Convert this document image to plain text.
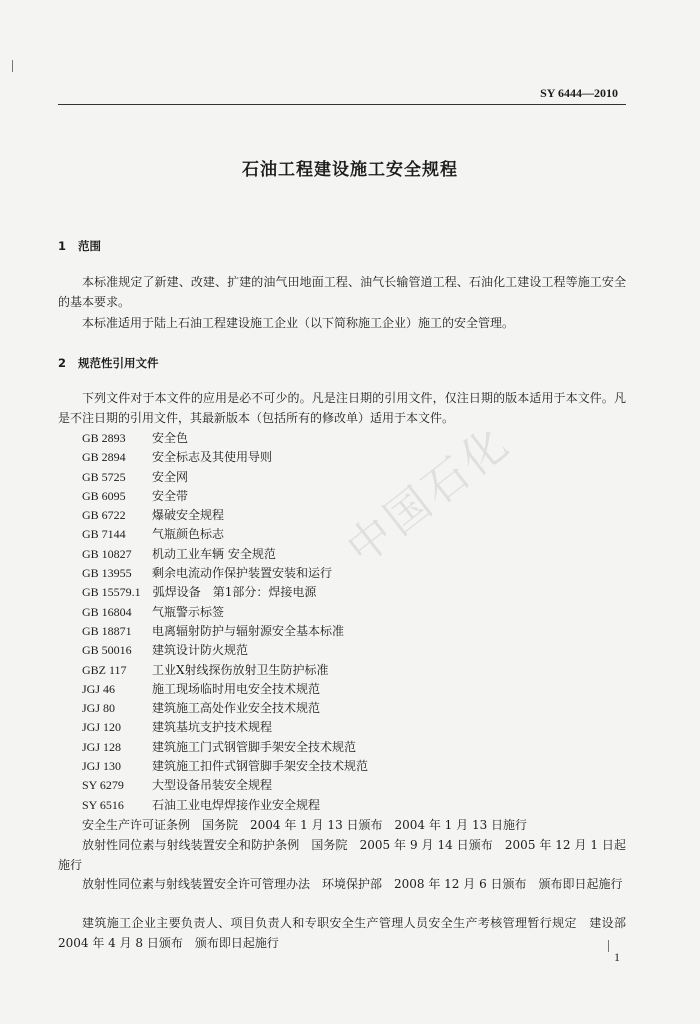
SY 6444—2010
石油工程建设施工安全规程
1 范围
本标准规定了新建、改建、扩建的油气田地面工程、油气长输管道工程、石油化工建设工程等施工安全的基本要求。
本标准适用于陆上石油工程建设施工企业（以下简称施工企业）施工的安全管理。
2 规范性引用文件
下列文件对于本文件的应用是必不可少的。凡是注日期的引用文件，仅注日期的版本适用于本文件。凡是不注日期的引用文件，其最新版本（包括所有的修改单）适用于本文件。
GB 2893　 安全色
GB 2894　 安全标志及其使用导则
GB 5725　 安全网
GB 6095　 安全带
GB 6722　 爆破安全规程
GB 7144　 气瓶颜色标志
GB 10827　 机动工业车辆 安全规范
GB 13955　 剩余电流动作保护装置安装和运行
GB 15579.1　 弧焊设备　第1部分：焊接电源
GB 16804　 气瓶警示标签
GB 18871　 电离辐射防护与辐射源安全基本标准
GB 50016　 建筑设计防火规范
GBZ 117　 工业X射线探伤放射卫生防护标准
JGJ 46　	施工现场临时用电安全技术规范
JGJ 80　	建筑施工高处作业安全技术规范
JGJ 120　	建筑基坑支护技术规程
JGJ 128　	建筑施工门式钢管脚手架安全技术规范
JGJ 130　	建筑施工扣件式钢管脚手架安全技术规范
SY 6279　 大型设备吊装安全规程
SY 6516　 石油工业电焊焊接作业安全规程
安全生产许可证条例　国务院　2004 年 1 月 13 日颁布　2004 年 1 月 13 日施行
放射性同位素与射线装置安全和防护条例　国务院　2005 年 9 月 14 日颁布　2005 年 12 月 1 日起施行
放射性同位素与射线装置安全许可管理办法　环境保护部　2008 年 12 月 6 日颁布　颁布即日起施行
建筑施工企业主要负责人、项目负责人和专职安全生产管理人员安全生产考核管理暂行规定　建设部　2004 年 4 月 8 日颁布　颁布即日起施行
1
中国石化
